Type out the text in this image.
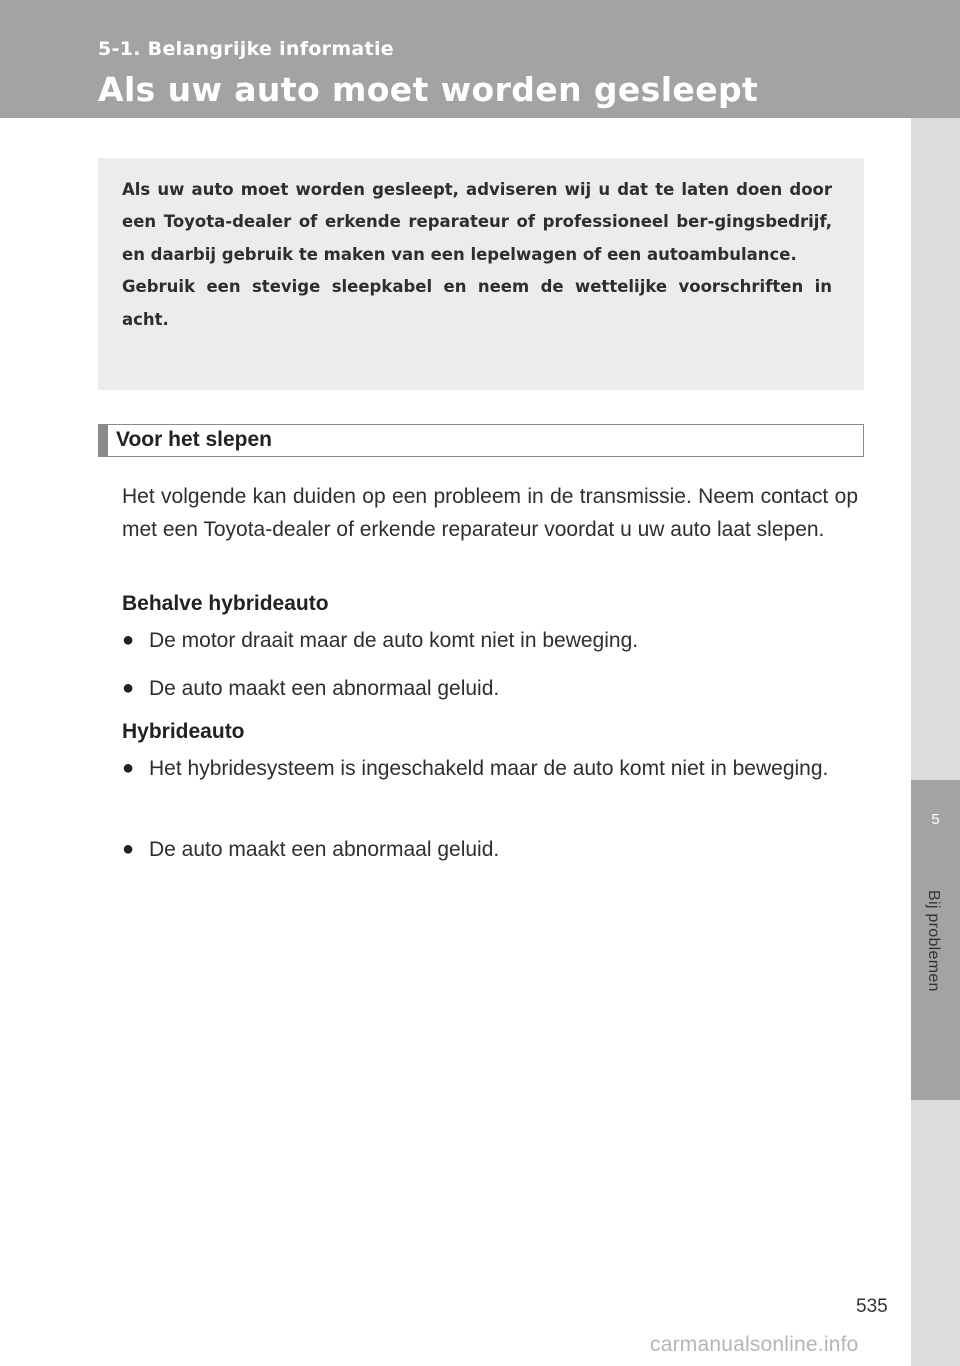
5-1. Belangrijke informatie
Als uw auto moet worden gesleept
5
Bij problemen

Als uw auto moet worden gesleept, adviseren wij u dat te laten doen door een Toyota-dealer of erkende reparateur of professioneel ber-gingsbedrijf, en daarbij gebruik te maken van een lepelwagen of een autoambulance.

Gebruik een stevige sleepkabel en neem de wettelijke voorschriften in acht.

Voor het slepen
Het volgende kan duiden op een probleem in de transmissie. Neem contact op met een Toyota-dealer of erkende reparateur voordat u uw auto laat slepen.
Behalve hybrideauto
● De motor draait maar de auto komt niet in beweging.
● De auto maakt een abnormaal geluid.
Hybrideauto
● Het hybridesysteem is ingeschakeld maar de auto komt niet in beweging.
● De auto maakt een abnormaal geluid.
535
carmanualsonline.info
